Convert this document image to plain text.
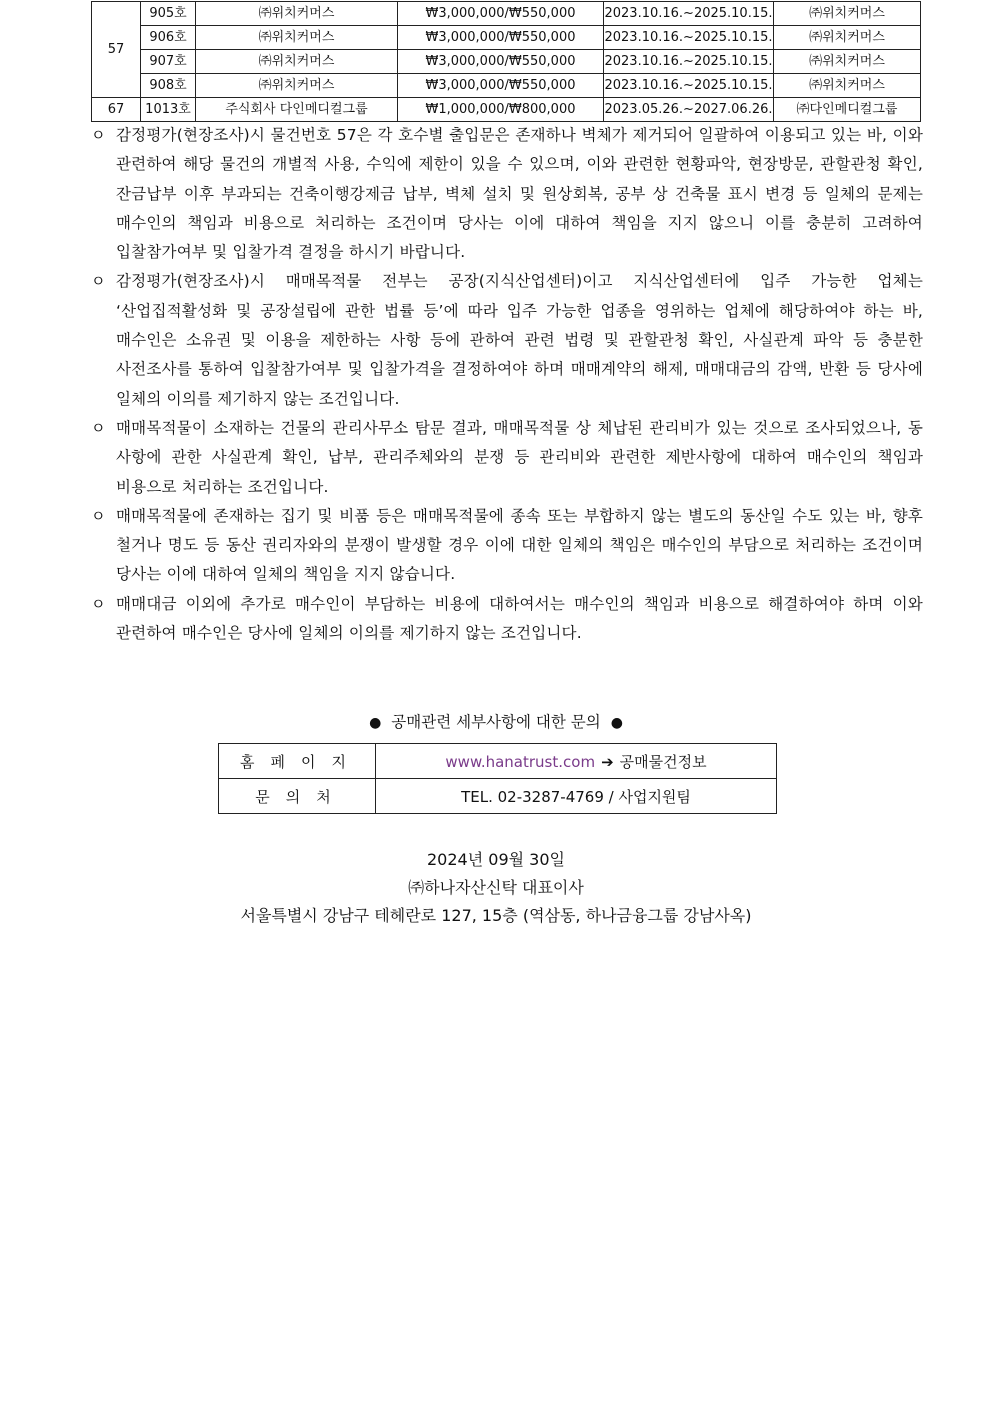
57	905호	㈜위치커머스	₩3,000,000/₩550,000	2023.10.16.~2025.10.15.	㈜위치커머스
	906호	㈜위치커머스	₩3,000,000/₩550,000	2023.10.16.~2025.10.15.	㈜위치커머스
	907호	㈜위치커머스	₩3,000,000/₩550,000	2023.10.16.~2025.10.15.	㈜위치커머스
	908호	㈜위치커머스	₩3,000,000/₩550,000	2023.10.16.~2025.10.15.	㈜위치커머스
67	1013호	주식회사 다인메디컬그룹	₩1,000,000/₩800,000	2023.05.26.~2027.06.26.	㈜다인메디컬그룹
ㅇ 감정평가(현장조사)시 물건번호 57은 각 호수별 출입문은 존재하나 벽체가 제거되어 일괄하여 이용되고 있는 바, 이와 관련하여 해당 물건의 개별적 사용, 수익에 제한이 있을 수 있으며, 이와 관련한 현황파악, 현장방문, 관할관청 확인, 잔금납부 이후 부과되는 건축이행강제금 납부, 벽체 설치 및 원상회복, 공부 상 건축물 표시 변경 등 일체의 문제는 매수인의 책임과 비용으로 처리하는 조건이며 당사는 이에 대하여 책임을 지지 않으니 이를 충분히 고려하여 입찰참가여부 및 입찰가격 결정을 하시기 바랍니다.
ㅇ 감정평가(현장조사)시 매매목적물 전부는 공장(지식산업센터)이고 지식산업센터에 입주 가능한 업체는 ‘산업집적활성화 및 공장설립에 관한 법률 등’에 따라 입주 가능한 업종을 영위하는 업체에 해당하여야 하는 바, 매수인은 소유권 및 이용을 제한하는 사항 등에 관하여 관련 법령 및 관할관청 확인, 사실관계 파악 등 충분한 사전조사를 통하여 입찰참가여부 및 입찰가격을 결정하여야 하며 매매계약의 해제, 매매대금의 감액, 반환 등 당사에 일체의 이의를 제기하지 않는 조건입니다.
ㅇ 매매목적물이 소재하는 건물의 관리사무소 탐문 결과, 매매목적물 상 체납된 관리비가 있는 것으로 조사되었으나, 동 사항에 관한 사실관계 확인, 납부, 관리주체와의 분쟁 등 관리비와 관련한 제반사항에 대하여 매수인의 책임과 비용으로 처리하는 조건입니다.
ㅇ 매매목적물에 존재하는 집기 및 비품 등은 매매목적물에 종속 또는 부합하지 않는 별도의 동산일 수도 있는 바, 향후 철거나 명도 등 동산 권리자와의 분쟁이 발생할 경우 이에 대한 일체의 책임은 매수인의 부담으로 처리하는 조건이며 당사는 이에 대하여 일체의 책임을 지지 않습니다.
ㅇ 매매대금 이외에 추가로 매수인이 부담하는 비용에 대하여서는 매수인의 책임과 비용으로 해결하여야 하며 이와 관련하여 매수인은 당사에 일체의 이의를 제기하지 않는 조건입니다.
● 공매관련 세부사항에 대한 문의 ●
홈페이지	www.hanatrust.com ➔ 공매물건정보
문의처	TEL. 02-3287-4769 / 사업지원팀
2024년 09월 30일
㈜하나자산신탁 대표이사
서울특별시 강남구 테헤란로 127, 15층 (역삼동, 하나금융그룹 강남사옥)
